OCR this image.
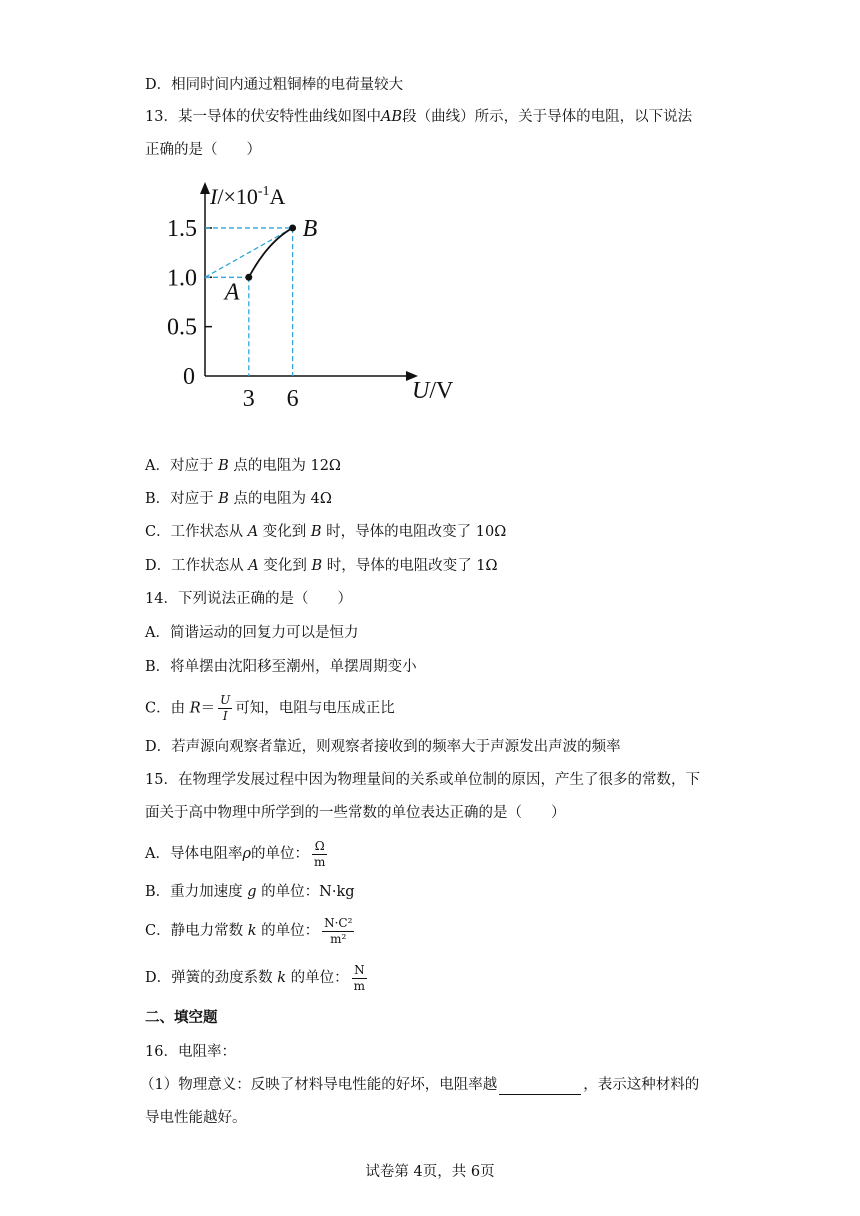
D．相同时间内通过粗铜棒的电荷量较大
13．某一导体的伏安特性曲线如图中AB段（曲线）所示，关于导体的电阻，以下说法
正确的是（　　）
$I/\times 10^{-1}A$
U/V
0
0.5
1.0
1.5
3 6
A
B
A．对应于 B 点的电阻为 12Ω
B．对应于 B 点的电阻为 4Ω
C．工作状态从 A 变化到 B 时，导体的电阻改变了 10Ω
D．工作状态从 A 变化到 B 时，导体的电阻改变了 1Ω
14．下列说法正确的是（　　）
A．简谐运动的回复力可以是恒力
B．将单摆由沈阳移至潮州，单摆周期变小
C．由 $R= \frac{U}{I}$ 可知，电阻与电压成正比
D．若声源向观察者靠近，则观察者接收到的频率大于声源发出声波的频率
15．在物理学发展过程中因为物理量间的关系或单位制的原因，产生了很多的常数，下
面关于高中物理中所学到的一些常数的单位表达正确的是（　　）
A．导体电阻率ρ的单位： $\frac{\Omega}{m}$
B．重力加速度 g 的单位：N·kg
C．静电力常数 k 的单位： $\frac{\text{N·C²}}{\text{m²}}$
D．弹簧的劲度系数 k 的单位： $\frac{N}{m}$
二、填空题
16．电阻率：
（1）物理意义：反映了材料导电性能的好坏，电阻率越	，表示这种材料的
导电性能越好。
试卷第 4页，共 6页
